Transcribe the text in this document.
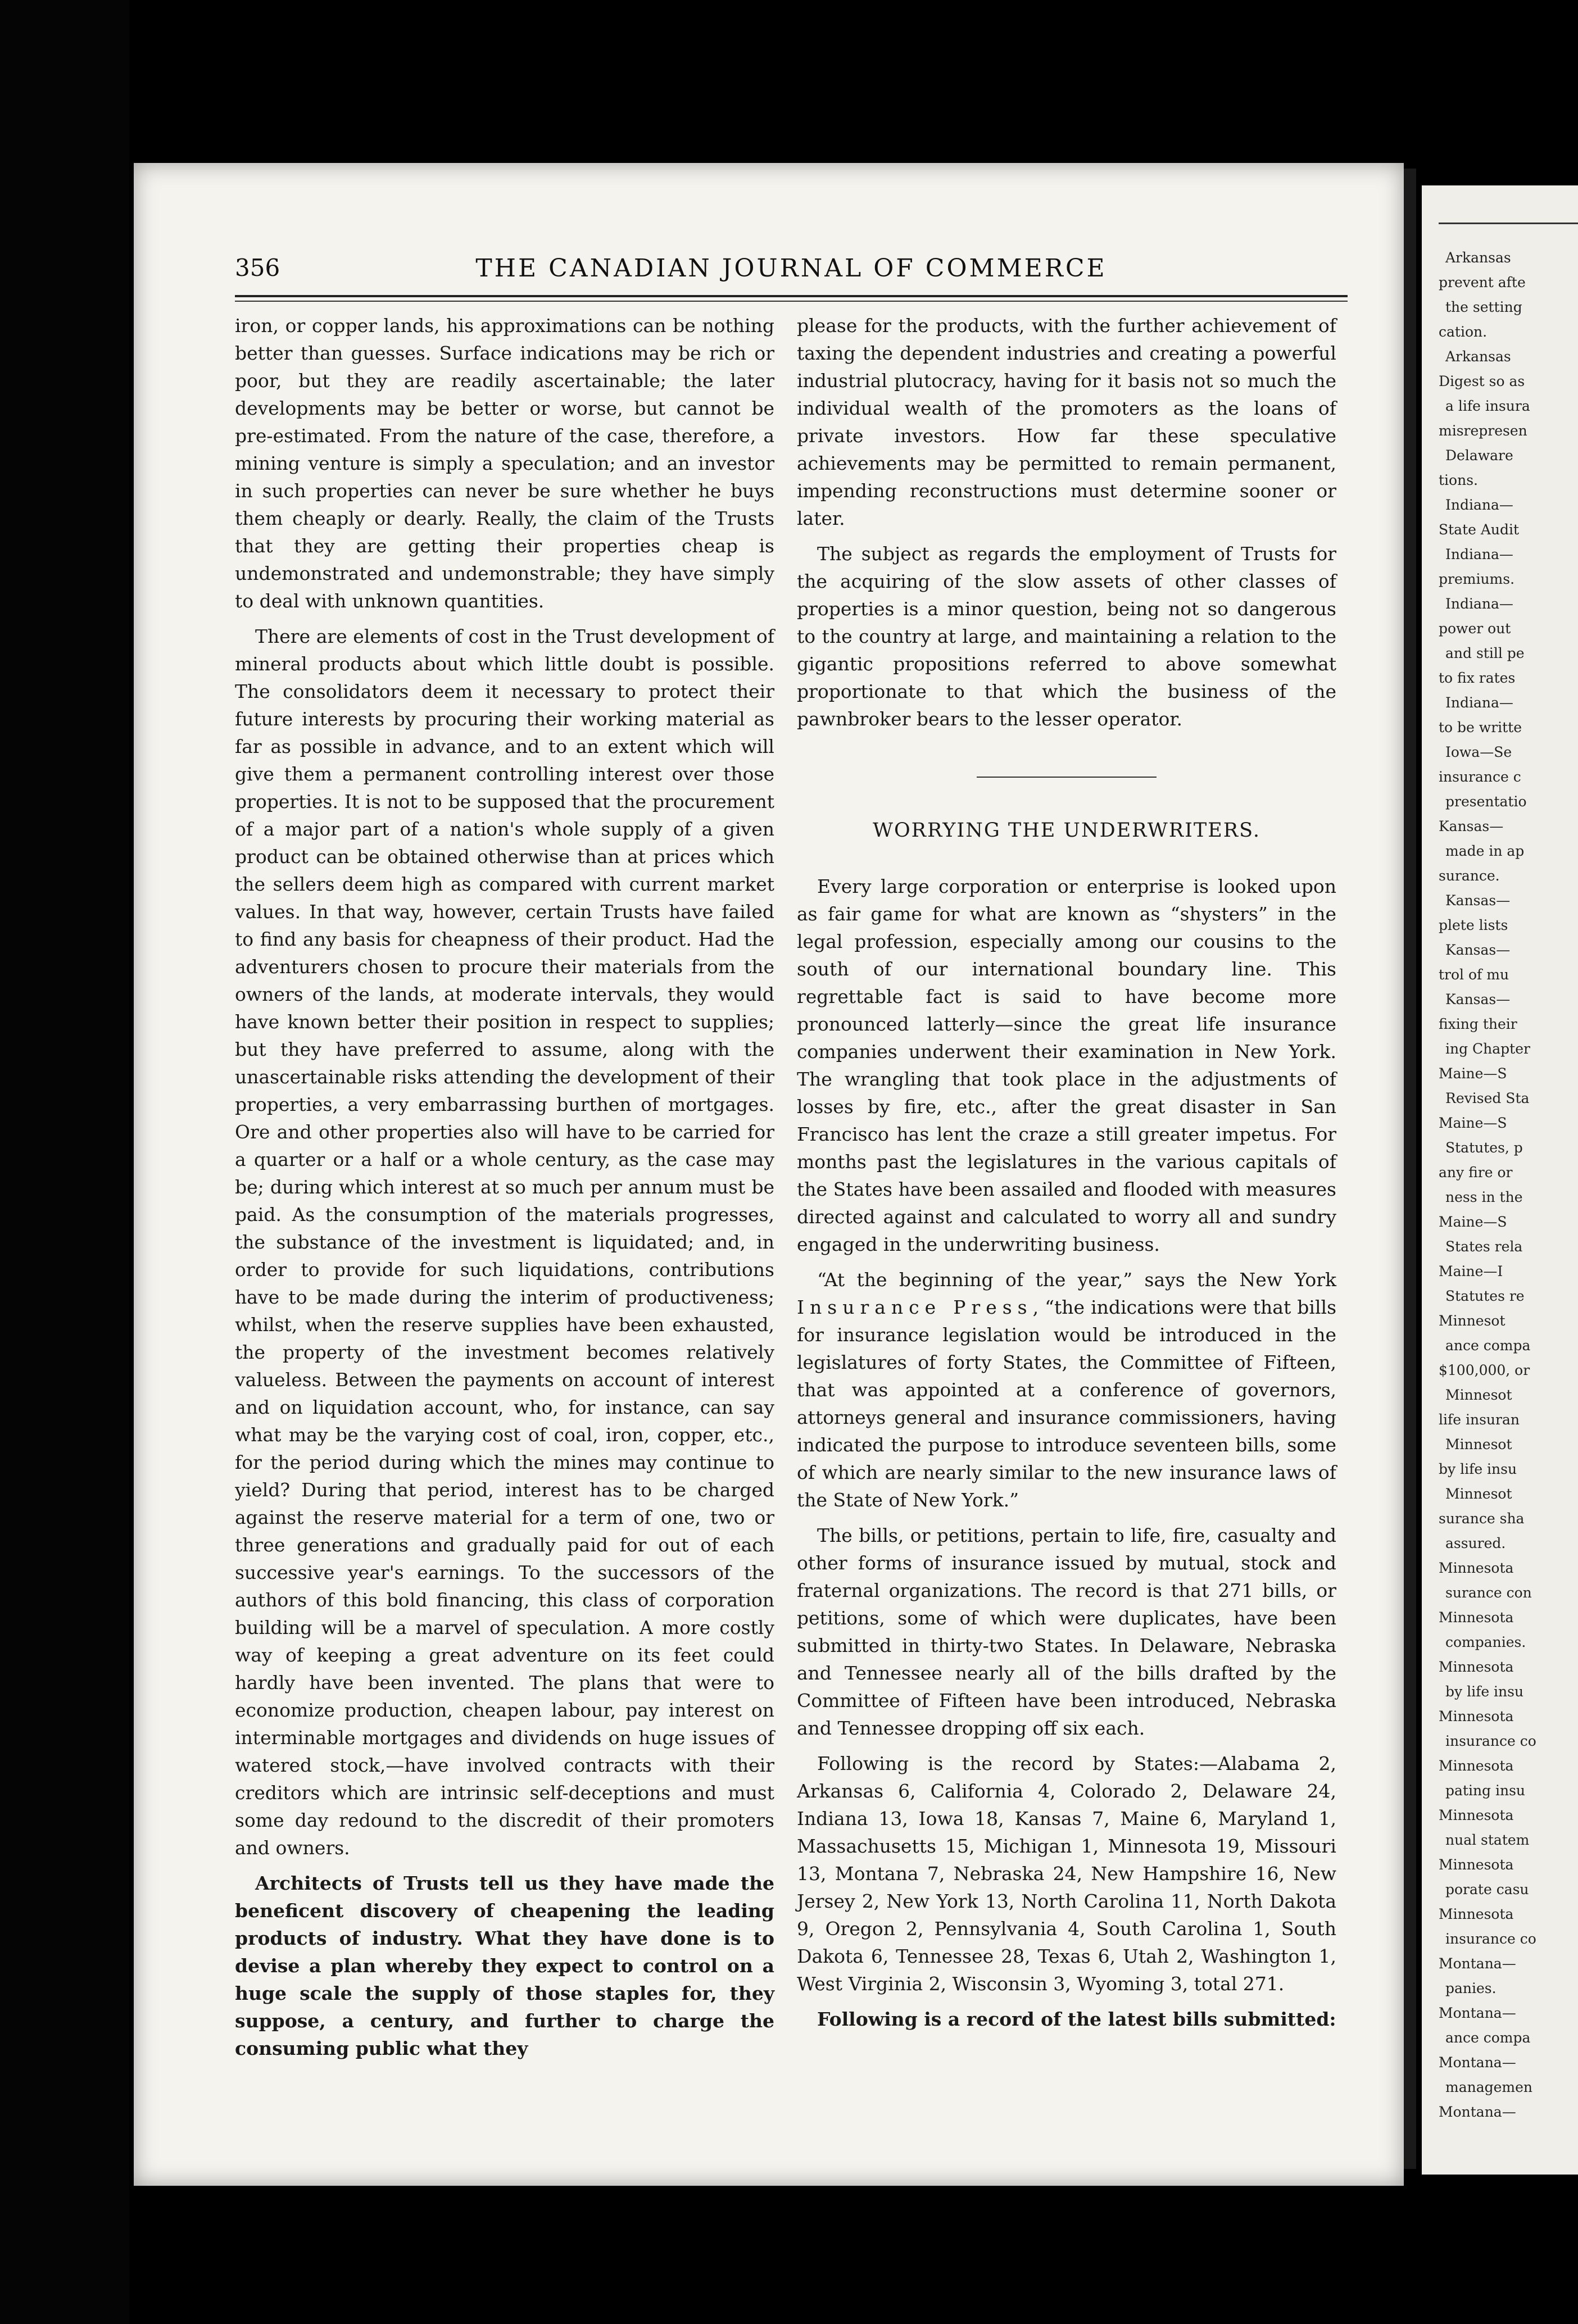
356	THE CANADIAN JOURNAL OF COMMERCE

iron, or copper lands, his approximations can be nothing better than guesses. Surface indications may be rich or poor, but they are readily ascertainable; the later developments may be better or worse, but cannot be pre-estimated. From the nature of the case, therefore, a mining venture is simply a speculation; and an investor in such properties can never be sure whether he buys them cheaply or dearly. Really, the claim of the Trusts that they are getting their properties cheap is undemonstrated and undemonstrable; they have simply to deal with unknown quantities.

There are elements of cost in the Trust development of mineral products about which little doubt is possible. The consolidators deem it necessary to protect their future interests by procuring their working material as far as possible in advance, and to an extent which will give them a permanent controlling interest over those properties. It is not to be supposed that the procurement of a major part of a nation's whole supply of a given product can be obtained otherwise than at prices which the sellers deem high as compared with current market values. In that way, however, certain Trusts have failed to find any basis for cheapness of their product. Had the adventurers chosen to procure their materials from the owners of the lands, at moderate intervals, they would have known better their position in respect to supplies; but they have preferred to assume, along with the unascertainable risks attending the development of their properties, a very embarrassing burthen of mortgages. Ore and other properties also will have to be carried for a quarter or a half or a whole century, as the case may be; during which interest at so much per annum must be paid. As the consumption of the materials progresses, the substance of the investment is liquidated; and, in order to provide for such liquidations, contributions have to be made during the interim of productiveness; whilst, when the reserve supplies have been exhausted, the property of the investment becomes relatively valueless. Between the payments on account of interest and on liquidation account, who, for instance, can say what may be the varying cost of coal, iron, copper, etc., for the period during which the mines may continue to yield? During that period, interest has to be charged against the reserve material for a term of one, two or three generations and gradually paid for out of each successive year's earnings. To the successors of the authors of this bold financing, this class of corporation building will be a marvel of speculation. A more costly way of keeping a great adventure on its feet could hardly have been invented. The plans that were to economize production, cheapen labour, pay interest on interminable mortgages and dividends on huge issues of watered stock,—have involved contracts with their creditors which are intrinsic self-deceptions and must some day redound to the discredit of their promoters and owners.

Architects of Trusts tell us they have made the beneficent discovery of cheapening the leading products of industry. What they have done is to devise a plan whereby they expect to control on a huge scale the supply of those staples for, they suppose, a century, and further to charge the consuming public what they

please for the products, with the further achievement of taxing the dependent industries and creating a powerful industrial plutocracy, having for it basis not so much the individual wealth of the promoters as the loans of private investors. How far these speculative achievements may be permitted to remain permanent, impending reconstructions must determine sooner or later.

The subject as regards the employment of Trusts for the acquiring of the slow assets of other classes of properties is a minor question, being not so dangerous to the country at large, and maintaining a relation to the gigantic propositions referred to above somewhat proportionate to that which the business of the pawnbroker bears to the lesser operator.

WORRYING THE UNDERWRITERS.

Every large corporation or enterprise is looked upon as fair game for what are known as “shysters” in the legal profession, especially among our cousins to the south of our international boundary line. This regrettable fact is said to have become more pronounced latterly—since the great life insurance companies underwent their examination in New York. The wrangling that took place in the adjustments of losses by fire, etc., after the great disaster in San Francisco has lent the craze a still greater impetus. For months past the legislatures in the various capitals of the States have been assailed and flooded with measures directed against and calculated to worry all and sundry engaged in the underwriting business.

“At the beginning of the year,” says the New York Insurance Press, “the indications were that bills for insurance legislation would be introduced in the legislatures of forty States, the Committee of Fifteen, that was appointed at a conference of governors, attorneys general and insurance commissioners, having indicated the purpose to introduce seventeen bills, some of which are nearly similar to the new insurance laws of the State of New York.”

The bills, or petitions, pertain to life, fire, casualty and other forms of insurance issued by mutual, stock and fraternal organizations. The record is that 271 bills, or petitions, some of which were duplicates, have been submitted in thirty-two States. In Delaware, Nebraska and Tennessee nearly all of the bills drafted by the Committee of Fifteen have been introduced, Nebraska and Tennessee dropping off six each.

Following is the record by States:—Alabama 2, Arkansas 6, California 4, Colorado 2, Delaware 24, Indiana 13, Iowa 18, Kansas 7, Maine 6, Maryland 1, Massachusetts 15, Michigan 1, Minnesota 19, Missouri 13, Montana 7, Nebraska 24, New Hampshire 16, New Jersey 2, New York 13, North Carolina 11, North Dakota 9, Oregon 2, Pennsylvania 4, South Carolina 1, South Dakota 6, Tennessee 28, Texas 6, Utah 2, Washington 1, West Virginia 2, Wisconsin 3, Wyoming 3, total 271.

Following is a record of the latest bills submitted:

Arkansas
prevent afte
the setting
cation.
Arkansas
Digest so as
a life insura
misrepresen
Delaware
tions.
Indiana—
State Audit
Indiana—
premiums.
Indiana—
power out
and still pe
to fix rates
Indiana—
to be writte
Iowa—Se
insurance c
presentatio
Kansas—
made in ap
surance.
Kansas—
plete lists
Kansas—
trol of mu
Kansas—
fixing their
ing Chapter
Maine—S
Revised Sta
Maine—S
Statutes, p
any fire or
ness in the
Maine—S
States rela
Maine—I
Statutes re
Minnesot
ance compa
$100,000, or
Minnesot
life insuran
Minnesot
by life insu
Minnesot
surance sha
assured.
Minnesota
surance con
Minnesota
companies.
Minnesota
by life insu
Minnesota
insurance co
Minnesota
pating insu
Minnesota
nual statem
Minnesota
porate casu
Minnesota
insurance co
Montana—
panies.
Montana—
ance compa
Montana—
managemen
Montana—
